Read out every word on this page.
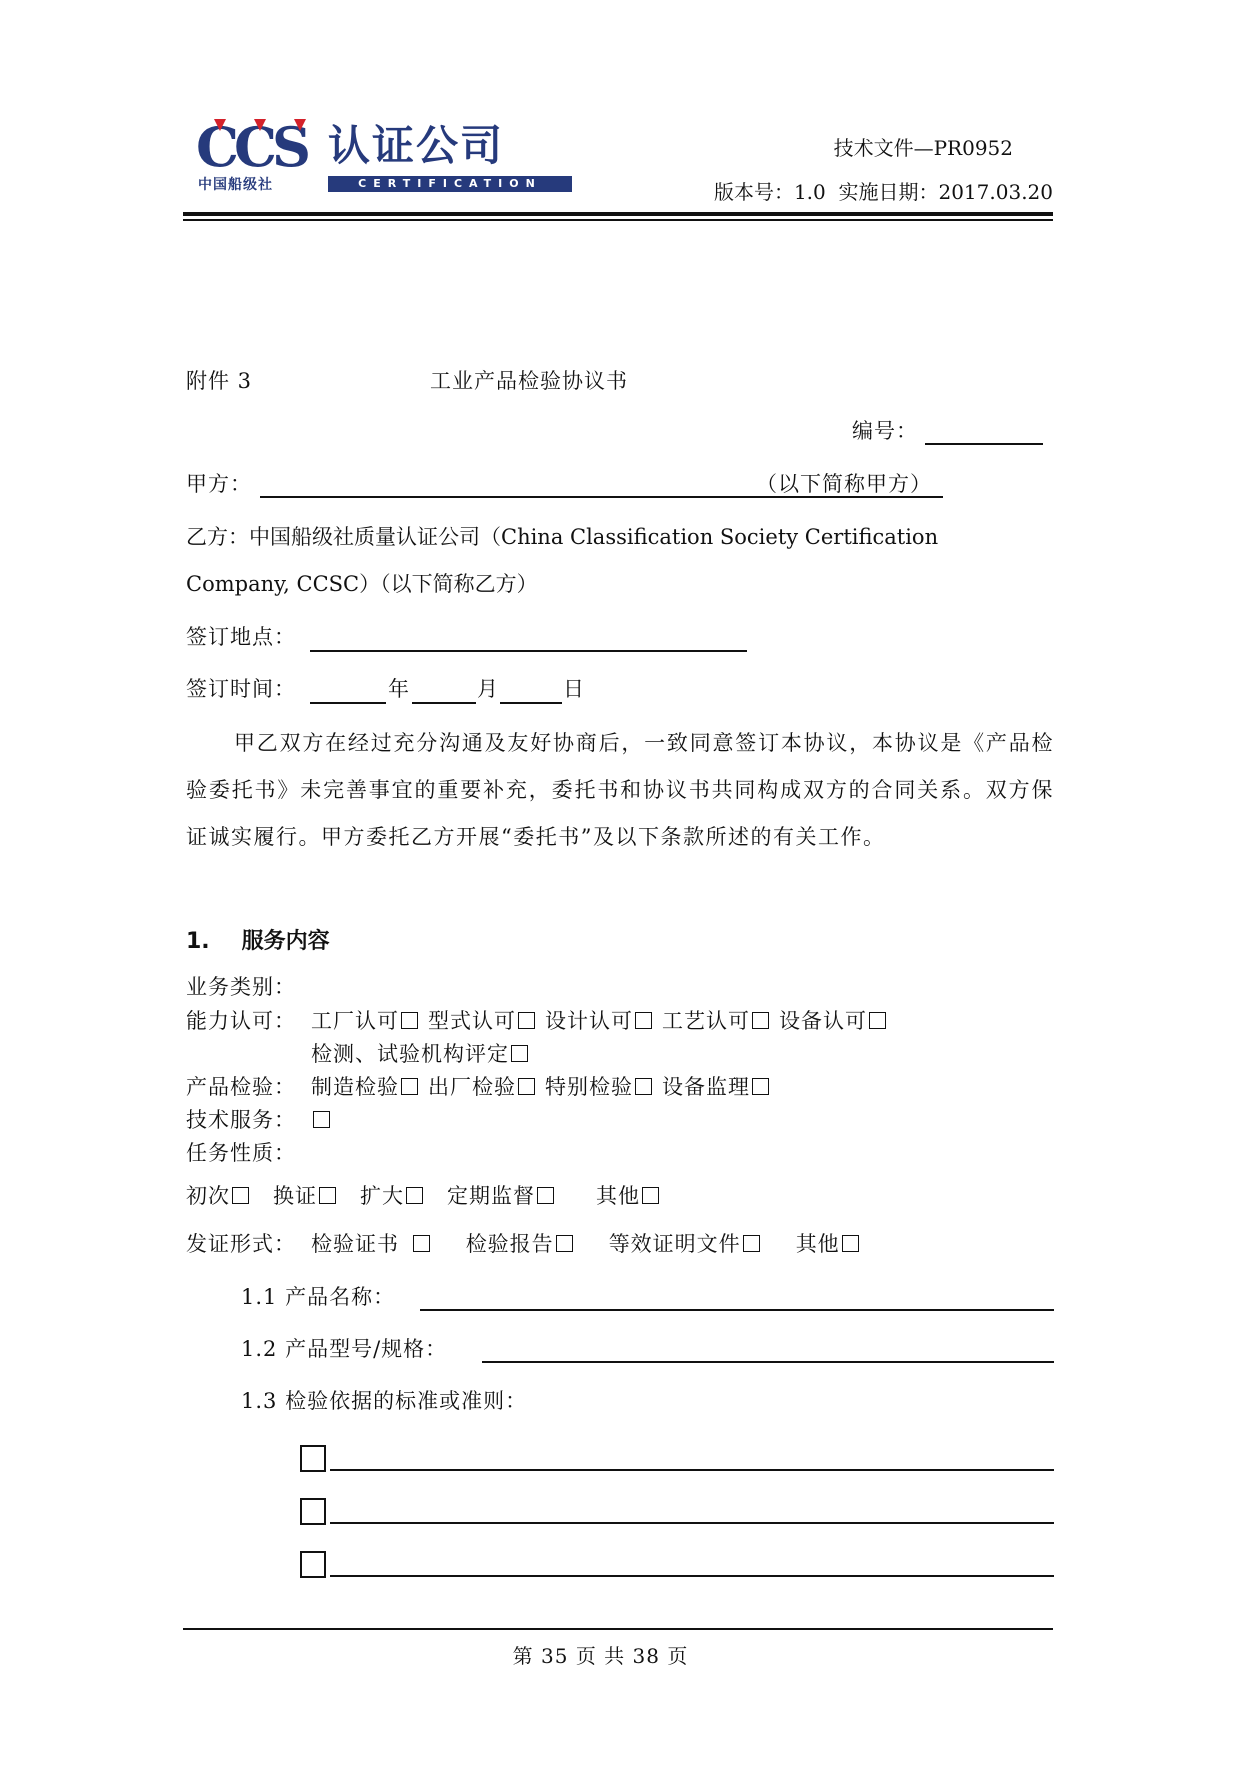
CCS 认证公司
中国船级社	CERTIFICATION
技术文件—PR0952
版本号：1.0 实施日期：2017.03.20
附件 3	工业产品检验协议书
编号：
甲方：	（以下简称甲方）
乙方：中国船级社质量认证公司（China Classification Society Certification
Company, CCSC）（以下简称乙方）
签订地点：
签订时间：	年	月	日
甲乙双方在经过充分沟通及友好协商后，一致同意签订本协议，本协议是《产品检验委托书》未完善事宜的重要补充，委托书和协议书共同构成双方的合同关系。双方保证诚实履行。甲方委托乙方开展“委托书”及以下条款所述的有关工作。
1. 服务内容
业务类别：
能力认可： 工厂认可 型式认可 设计认可 工艺认可 设备认可
检测、试验机构评定
产品检验： 制造检验 出厂检验 特别检验 设备监理
技术服务：
任务性质：
初次 换证 扩大 定期监督	其他
发证形式： 检验证书	检验报告	等效证明文件	其他
1.1 产品名称：
1.2 产品型号/规格：
1.3 检验依据的标准或准则：
第 35 页 共 38 页
